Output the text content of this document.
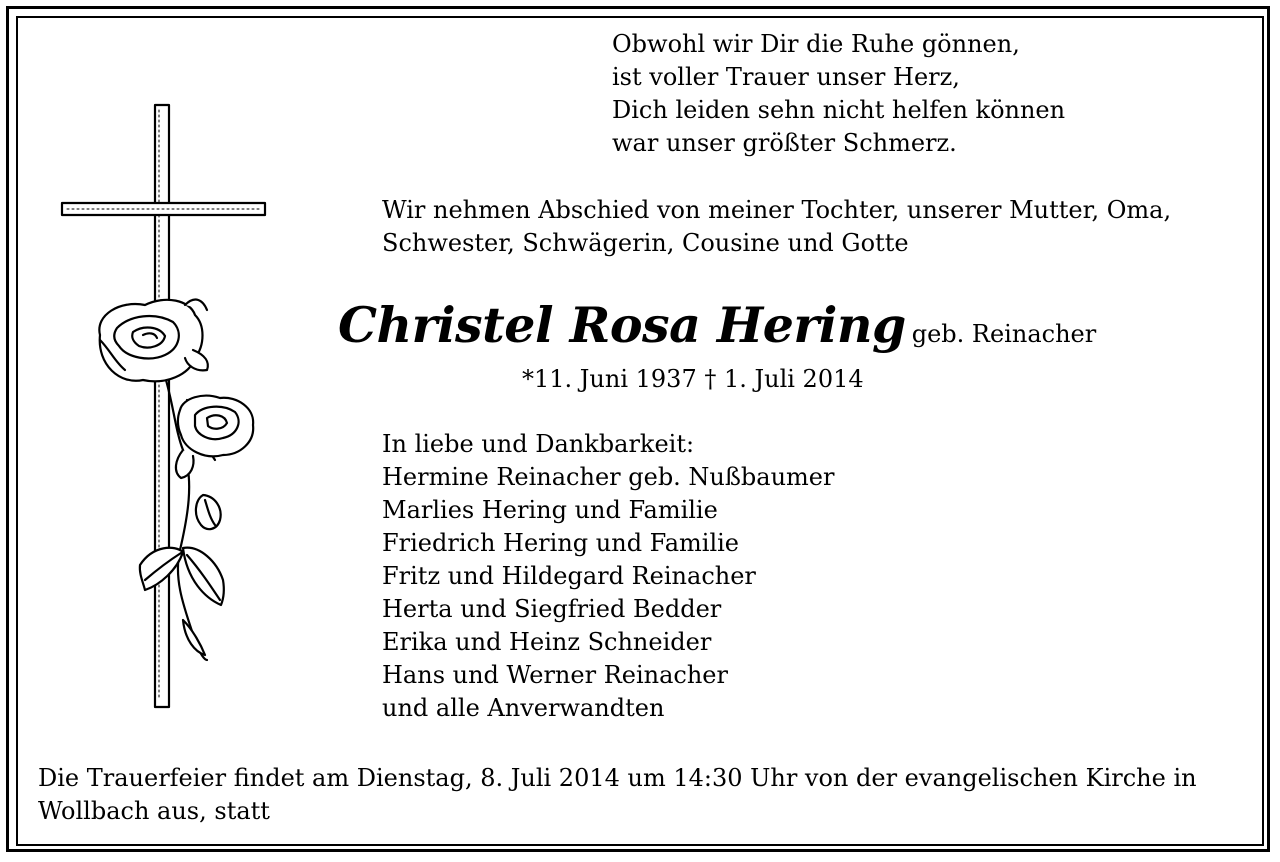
Obwohl wir Dir die Ruhe gönnen,
ist voller Trauer unser Herz,
Dich leiden sehn nicht helfen können
war unser größter Schmerz.
Wir nehmen Abschied von meiner Tochter, unserer Mutter, Oma,
Schwester, Schwägerin, Cousine und Gotte
Christel Rosa Hering geb. Reinacher
*11. Juni 1937 † 1. Juli 2014
In liebe und Dankbarkeit:
Hermine Reinacher geb. Nußbaumer
Marlies Hering und Familie
Friedrich Hering und Familie
Fritz und Hildegard Reinacher
Herta und Siegfried Bedder
Erika und Heinz Schneider
Hans und Werner Reinacher
und alle Anverwandten
Die Trauerfeier findet am Dienstag, 8. Juli 2014 um 14:30 Uhr von der evangelischen Kirche in
Wollbach aus, statt
